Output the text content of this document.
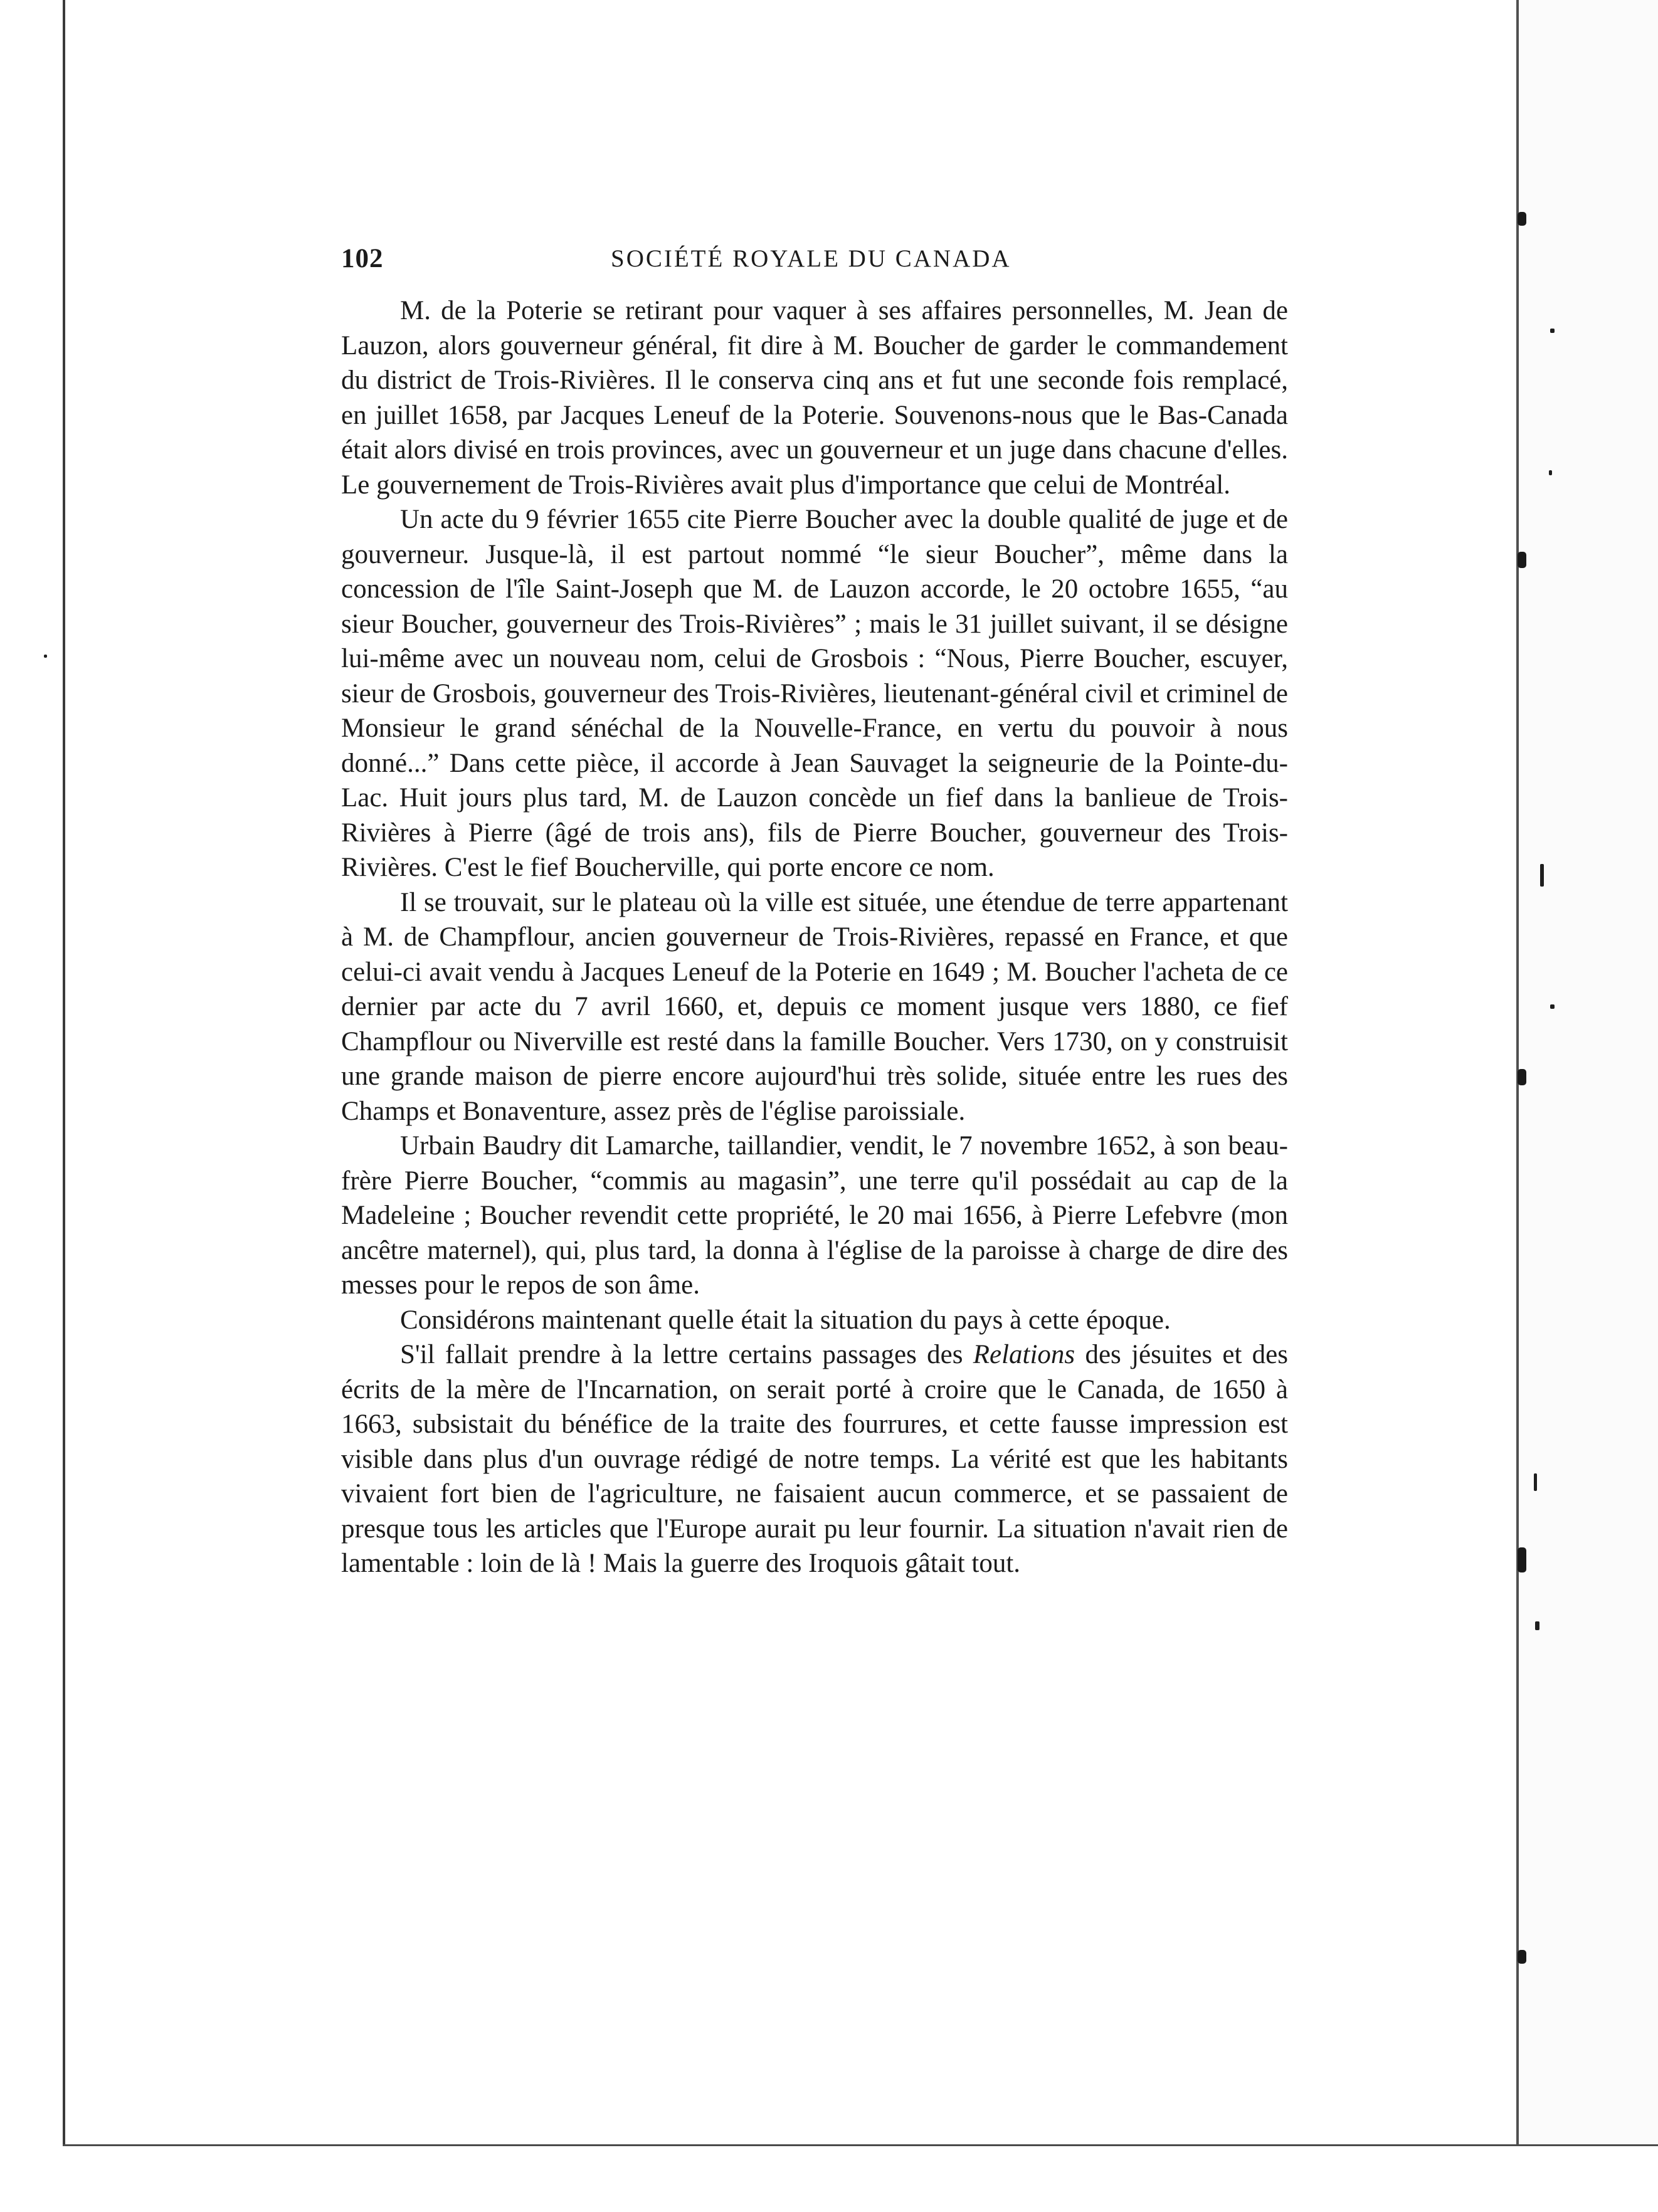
102	SOCIÉTÉ ROYALE DU CANADA

M. de la Poterie se retirant pour vaquer à ses affaires personnelles, M. Jean de Lauzon, alors gouverneur général, fit dire à M. Boucher de garder le commandement du district de Trois-Rivières. Il le conserva cinq ans et fut une seconde fois remplacé, en juillet 1658, par Jacques Leneuf de la Poterie. Souvenons-nous que le Bas-Canada était alors divisé en trois provinces, avec un gouverneur et un juge dans chacune d'elles. Le gouvernement de Trois-Rivières avait plus d'importance que celui de Montréal.

Un acte du 9 février 1655 cite Pierre Boucher avec la double qualité de juge et de gouverneur. Jusque-là, il est partout nommé “le sieur Boucher”, même dans la concession de l'île Saint-Joseph que M. de Lauzon accorde, le 20 octobre 1655, “au sieur Boucher, gouverneur des Trois-Rivières” ; mais le 31 juillet suivant, il se désigne lui-même avec un nouveau nom, celui de Grosbois : “Nous, Pierre Boucher, escuyer, sieur de Grosbois, gouverneur des Trois-Rivières, lieutenant-général civil et criminel de Monsieur le grand sénéchal de la Nouvelle-France, en vertu du pouvoir à nous donné...” Dans cette pièce, il accorde à Jean Sauvaget la seigneurie de la Pointe-du-Lac. Huit jours plus tard, M. de Lauzon concède un fief dans la banlieue de Trois-Rivières à Pierre (âgé de trois ans), fils de Pierre Boucher, gouverneur des Trois-Rivières. C'est le fief Boucherville, qui porte encore ce nom.

Il se trouvait, sur le plateau où la ville est située, une étendue de terre appartenant à M. de Champflour, ancien gouverneur de Trois-Rivières, repassé en France, et que celui-ci avait vendu à Jacques Leneuf de la Poterie en 1649 ; M. Boucher l'acheta de ce dernier par acte du 7 avril 1660, et, depuis ce moment jusque vers 1880, ce fief Champflour ou Niverville est resté dans la famille Boucher. Vers 1730, on y construisit une grande maison de pierre encore aujourd'hui très solide, située entre les rues des Champs et Bonaventure, assez près de l'église paroissiale.

Urbain Baudry dit Lamarche, taillandier, vendit, le 7 novembre 1652, à son beau-frère Pierre Boucher, “commis au magasin”, une terre qu'il possédait au cap de la Madeleine ; Boucher revendit cette propriété, le 20 mai 1656, à Pierre Lefebvre (mon ancêtre maternel), qui, plus tard, la donna à l'église de la paroisse à charge de dire des messes pour le repos de son âme.

Considérons maintenant quelle était la situation du pays à cette époque.

S'il fallait prendre à la lettre certains passages des Relations des jésuites et des écrits de la mère de l'Incarnation, on serait porté à croire que le Canada, de 1650 à 1663, subsistait du bénéfice de la traite des fourrures, et cette fausse impression est visible dans plus d'un ouvrage rédigé de notre temps. La vérité est que les habitants vivaient fort bien de l'agriculture, ne faisaient aucun commerce, et se passaient de presque tous les articles que l'Europe aurait pu leur fournir. La situation n'avait rien de lamentable : loin de là ! Mais la guerre des Iroquois gâtait tout.
